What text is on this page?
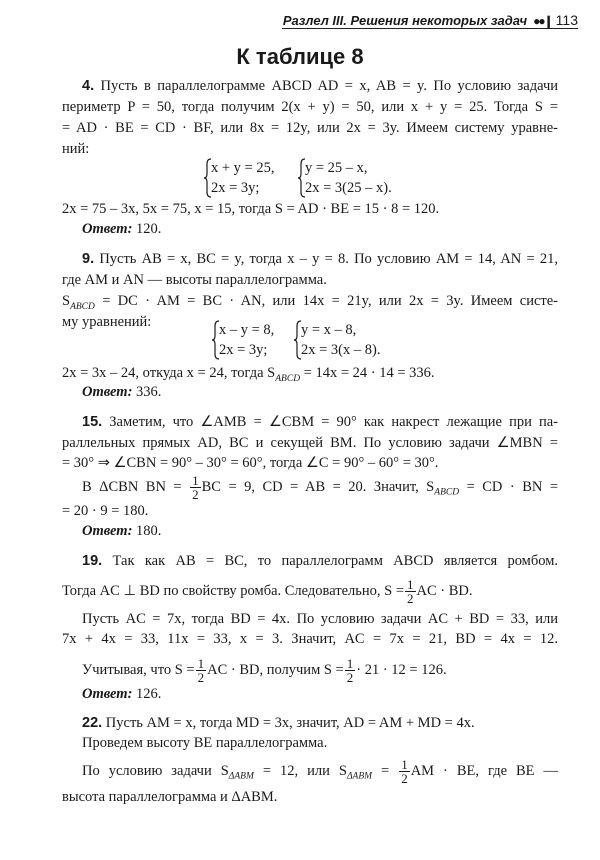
Разлел III. Решения некоторых задач ●●❙ 113
К таблице 8
4. Пусть в параллелограмме ABCD AD = x, AB = y. По условию задачи
периметр P = 50, тогда получим 2(x + y) = 50, или x + y = 25. Тогда S =
= AD · BE = CD · BF, или 8x = 12y, или 2x = 3y. Имеем систему уравне-
ний:
x + y = 25,
2x = 3y;
y = 25 – x,
2x = 3(25 – x).
2x = 75 – 3x, 5x = 75, x = 15, тогда S = AD · BE = 15 · 8 = 120.
Ответ: 120.
9. Пусть AB = x, BC = y, тогда x – y = 8. По условию AM = 14, AN = 21,
где AM и AN — высоты параллелограмма.
$S_{ABCD}$ = DC · AM = BC · AN, или 14x = 21y, или 2x = 3y. Имеем систе-
му уравнений:	x – y = 8,
2x = 3y;
y = x – 8,
2x = 3(x – 8).
2x = 3x – 24, откуда x = 24, тогда $S_{ABCD} = 14x = 24 \cdot 14 = 336$.
Ответ: 336.
15. Заметим, что ∠AMB = ∠CBM = 90° как накрест лежащие при па-
раллельных прямых AD, BC и секущей BM. По условию задачи ∠MBN =
= 30° ⇒ ∠CBN = 90° – 30° = 60°, тогда ∠C = 90° – 60° = 30°.
В ΔCBN BN = $\frac{1}{2}$ BC = 9, CD = AB = 20. Значит, $S_{ABCD}$ = CD · BN =
= 20 · 9 = 180.
Ответ: 180.
19. Так как AB = BC, то параллелограмм ABCD является ромбом.
Тогда AC ⊥ BD по свойству ромба. Следовательно, $S = \frac{1}{2}$ AC · BD.
Пусть AC = 7x, тогда BD = 4x. По условию задачи AC + BD = 33, или
7x + 4x = 33, 11x = 33, x = 3. Значит, AC = 7x = 21, BD = 4x = 12.
Учитывая, что $S = \frac{1}{2}$ AC · BD, получим $S = \frac{1}{2} \cdot 21 \cdot 12 = 126$.
Ответ: 126.
22. Пусть AM = x, тогда MD = 3x, значит, AD = AM + MD = 4x.
Проведем высоту BE параллелограмма.
По условию задачи $S_{\Delta ABM} = 12$, или $S_{\Delta ABM} = \frac{1}{2}$ AM · BE, где BE —
высота параллелограмма и ΔABM.
